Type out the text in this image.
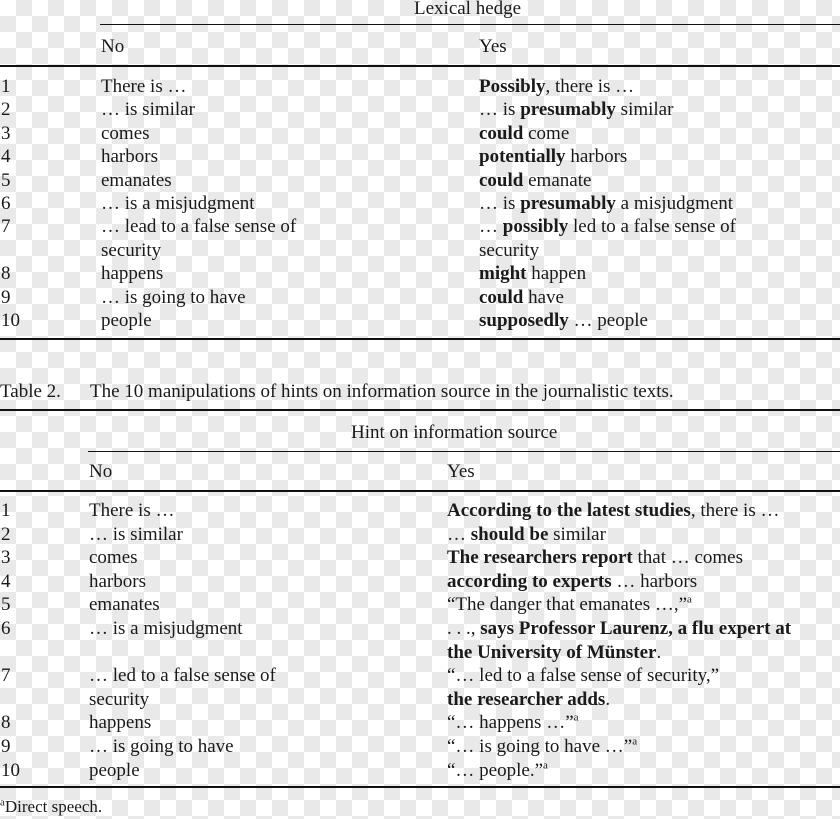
Lexical hedge
No	Yes
1	There is …	Possibly, there is …
2	… is similar	… is presumably similar
3	comes	could come
4	harbors	potentially harbors
5	emanates	could emanate
6	… is a misjudgment	… is presumably a misjudgment
7	… lead to a false sense of	… possibly led to a false sense of
security	security
8	happens	might happen
9	… is going to have	could have
10	people	supposedly … people
Table 2. The 10 manipulations of hints on information source in the journalistic texts.
Hint on information source
No	Yes
1	There is …	According to the latest studies, there is …
2	… is similar	… should be similar
3	comes	The researchers report that … comes
4	harbors	according to experts … harbors
5	emanates	“The danger that emanates …,”$^a$
6	… is a misjudgment	. . ., says Professor Laurenz, a flu expert at
the University of Münster.
7	… led to a false sense of	“… led to a false sense of security,”
security	the researcher adds.
8	happens	“… happens …”$^a$
9	… is going to have	“… is going to have …”$^a$
10	people	“… people.”$^a$
$^a$Direct speech.
